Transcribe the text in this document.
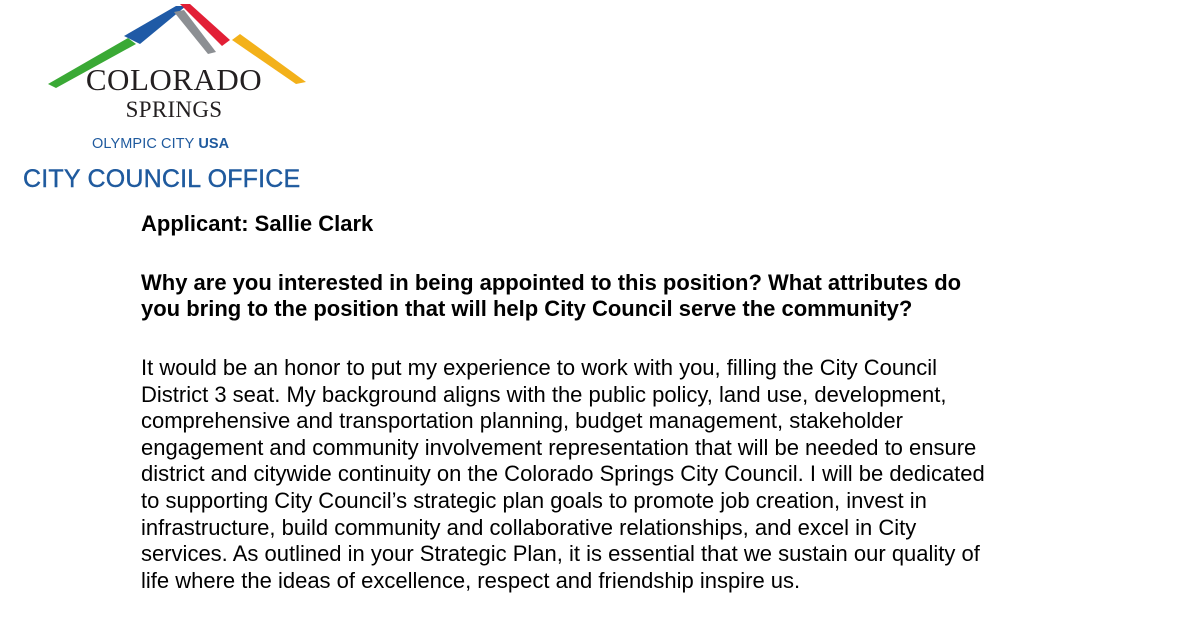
COLORADO
SPRINGS
OLYMPIC CITY USA
CITY COUNCIL OFFICE

Applicant: Sallie Clark

Why are you interested in being appointed to this position? What attributes do
you bring to the position that will help City Council serve the community?

It would be an honor to put my experience to work with you, filling the City Council
District 3 seat. My background aligns with the public policy, land use, development,
comprehensive and transportation planning, budget management, stakeholder
engagement and community involvement representation that will be needed to ensure
district and citywide continuity on the Colorado Springs City Council. I will be dedicated
to supporting City Council’s strategic plan goals to promote job creation, invest in
infrastructure, build community and collaborative relationships, and excel in City
services. As outlined in your Strategic Plan, it is essential that we sustain our quality of
life where the ideas of excellence, respect and friendship inspire us.
